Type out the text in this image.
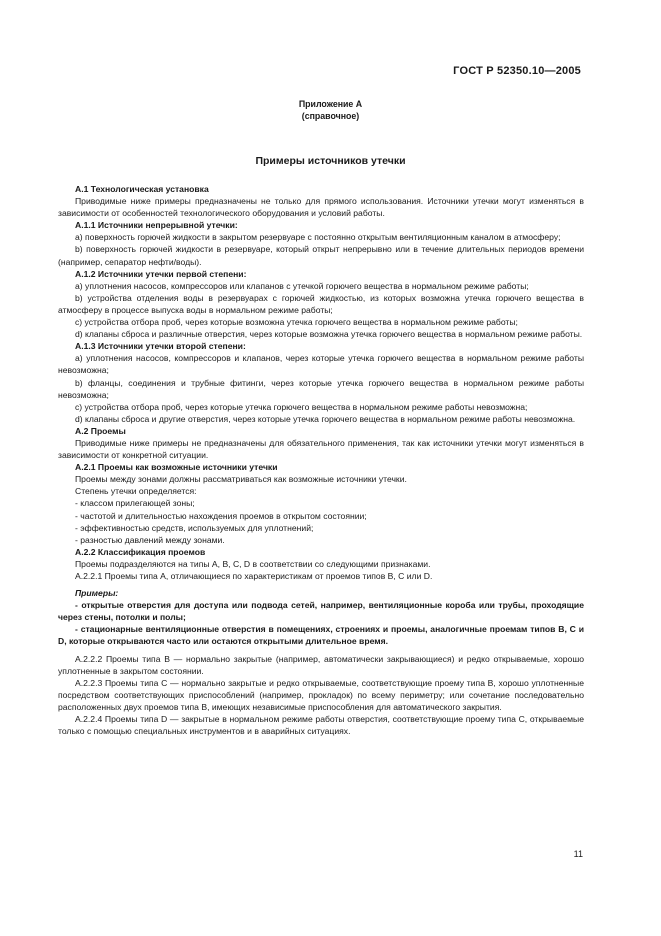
ГОСТ Р 52350.10—2005
Приложение А
(справочное)
Примеры источников утечки

A.1 Технологическая установка

Приводимые ниже примеры предназначены не только для прямого использования. Источники утечки могут изменяться в зависимости от особенностей технологического оборудования и условий работы.

A.1.1 Источники непрерывной утечки:

a) поверхность горючей жидкости в закрытом резервуаре с постоянно открытым вентиляционным каналом в атмосферу;

b) поверхность горючей жидкости в резервуаре, который открыт непрерывно или в течение длительных периодов времени (например, сепаратор нефти/воды).

A.1.2 Источники утечки первой степени:

a) уплотнения насосов, компрессоров или клапанов с утечкой горючего вещества в нормальном режиме работы;

b) устройства отделения воды в резервуарах с горючей жидкостью, из которых возможна утечка горючего вещества в атмосферу в процессе выпуска воды в нормальном режиме работы;

c) устройства отбора проб, через которые возможна утечка горючего вещества в нормальном режиме работы;

d) клапаны сброса и различные отверстия, через которые возможна утечка горючего вещества в нормальном режиме работы.

A.1.3 Источники утечки второй степени:

a) уплотнения насосов, компрессоров и клапанов, через которые утечка горючего вещества в нормальном режиме работы невозможна;

b) фланцы, соединения и трубные фитинги, через которые утечка горючего вещества в нормальном режиме работы невозможна;

c) устройства отбора проб, через которые утечка горючего вещества в нормальном режиме работы невозможна;

d) клапаны сброса и другие отверстия, через которые утечка горючего вещества в нормальном режиме работы невозможна.

A.2 Проемы

Приводимые ниже примеры не предназначены для обязательного применения, так как источники утечки могут изменяться в зависимости от конкретной ситуации.

A.2.1 Проемы как возможные источники утечки

Проемы между зонами должны рассматриваться как возможные источники утечки.

Степень утечки определяется:

- классом прилегающей зоны;

- частотой и длительностью нахождения проемов в открытом состоянии;

- эффективностью средств, используемых для уплотнений;

- разностью давлений между зонами.

A.2.2 Классификация проемов

Проемы подразделяются на типы A, B, C, D в соответствии со следующими признаками.

A.2.2.1 Проемы типа A, отличающиеся по характеристикам от проемов типов B, C или D.

Примеры:

- открытые отверстия для доступа или подвода сетей, например, вентиляционные короба или трубы, проходящие через стены, потолки и полы;

- стационарные вентиляционные отверстия в помещениях, строениях и проемы, аналогичные проемам типов B, C и D, которые открываются часто или остаются открытыми длительное время.

A.2.2.2 Проемы типа B — нормально закрытые (например, автоматически закрывающиеся) и редко открываемые, хорошо уплотненные в закрытом состоянии.

A.2.2.3 Проемы типа C — нормально закрытые и редко открываемые, соответствующие проему типа B, хорошо уплотненные посредством соответствующих приспособлений (например, прокладок) по всему периметру; или сочетание последовательно расположенных двух проемов типа B, имеющих независимые приспособления для автоматического закрытия.

A.2.2.4 Проемы типа D — закрытые в нормальном режиме работы отверстия, соответствующие проему типа C, открываемые только с помощью специальных инструментов и в аварийных ситуациях.

11
